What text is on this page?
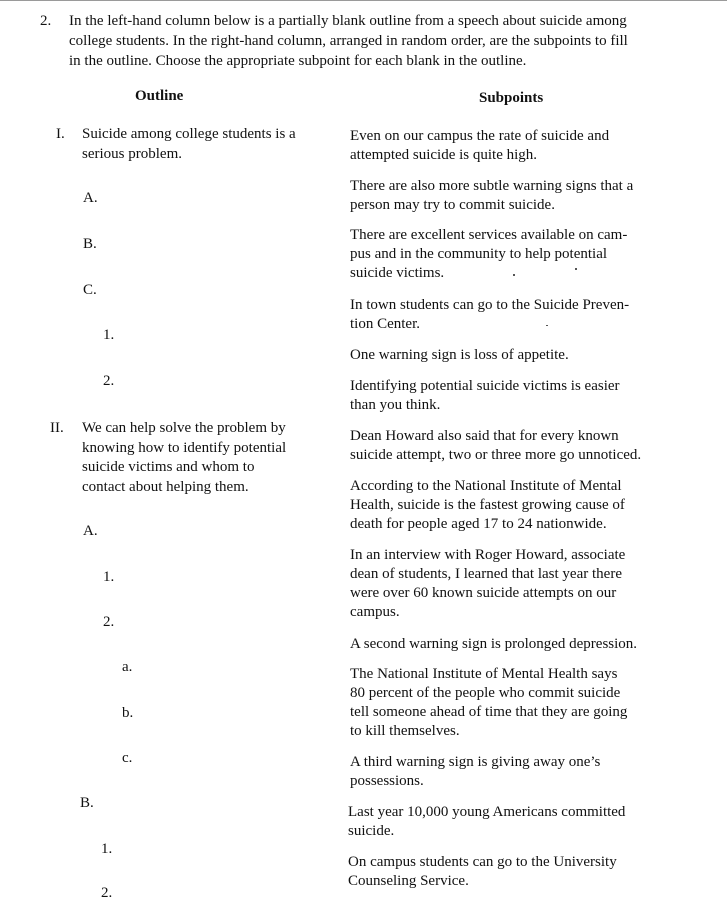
2. In the left-hand column below is a partially blank outline from a speech about suicide among
college students. In the right-hand column, arranged in random order, are the subpoints to fill
in the outline. Choose the appropriate subpoint for each blank in the outline.
Outline	Subpoints
I. Suicide among college students is a
serious problem.
A.
B.
C.
1.
2.
II. We can help solve the problem by
knowing how to identify potential
suicide victims and whom to
contact about helping them.
A.
1.
2.
a.
b.
c.
B.
1.
2.
Even on our campus the rate of suicide and
attempted suicide is quite high.
There are also more subtle warning signs that a
person may try to commit suicide.
There are excellent services available on cam-
pus and in the community to help potential
suicide victims.
In town students can go to the Suicide Preven-
tion Center.
One warning sign is loss of appetite.
Identifying potential suicide victims is easier
than you think.
Dean Howard also said that for every known
suicide attempt, two or three more go unnoticed.
According to the National Institute of Mental
Health, suicide is the fastest growing cause of
death for people aged 17 to 24 nationwide.
In an interview with Roger Howard, associate
dean of students, I learned that last year there
were over 60 known suicide attempts on our
campus.
A second warning sign is prolonged depression.
The National Institute of Mental Health says
80 percent of the people who commit suicide
tell someone ahead of time that they are going
to kill themselves.
A third warning sign is giving away one’s
possessions.
Last year 10,000 young Americans committed
suicide.
On campus students can go to the University
Counseling Service.
